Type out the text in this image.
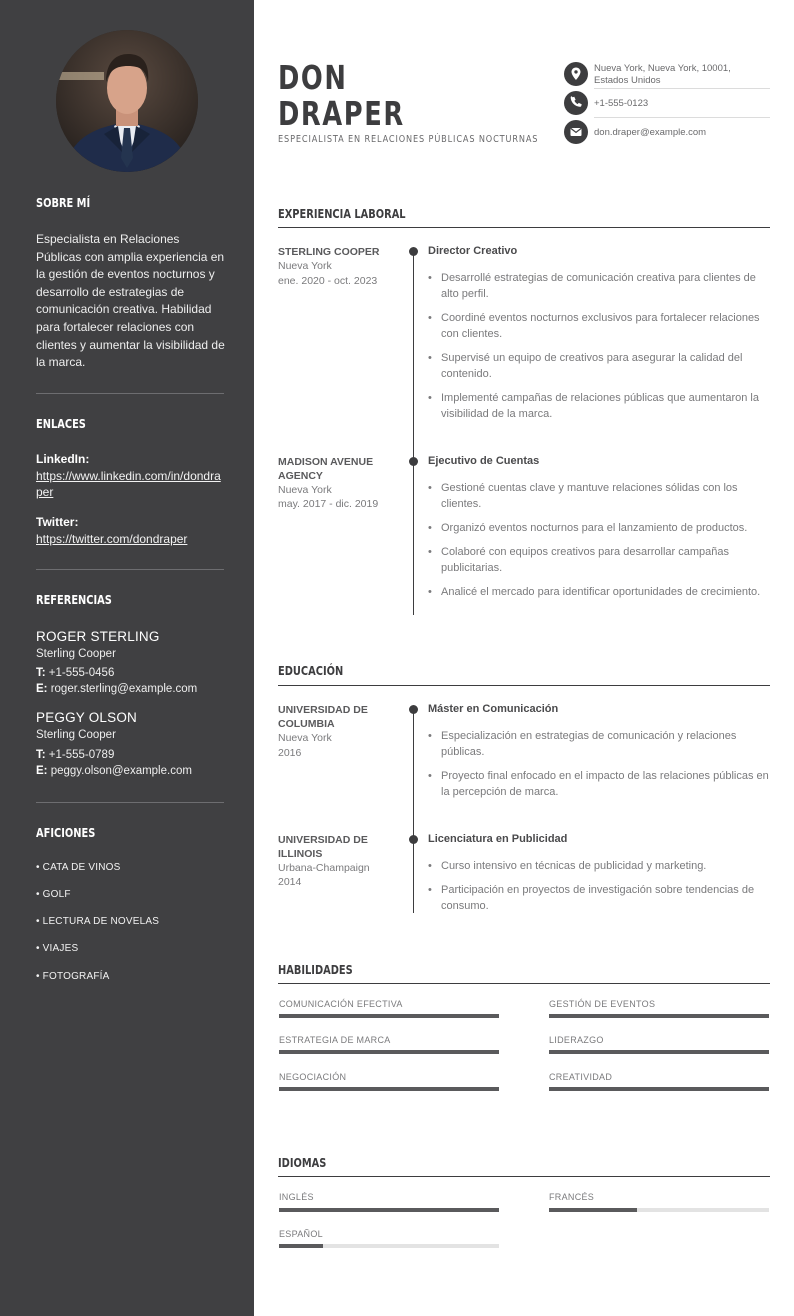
SOBRE MÍ
Especialista en Relaciones Públicas con amplia experiencia en la gestión de eventos nocturnos y desarrollo de estrategias de comunicación creativa. Habilidad para fortalecer relaciones con clientes y aumentar la visibilidad de la marca.
ENLACES
LinkedIn:
https://www.linkedin.com/in/dondraper
Twitter:
https://twitter.com/dondraper
REFERENCIAS
ROGER STERLING
Sterling Cooper
T: +1-555-0456
E: roger.sterling@example.com
PEGGY OLSON
Sterling Cooper
T: +1-555-0789
E: peggy.olson@example.com
AFICIONES
• CATA DE VINOS
• GOLF
• LECTURA DE NOVELAS
• VIAJES
• FOTOGRAFÍA
DON
DRAPER
ESPECIALISTA EN RELACIONES PÚBLICAS NOCTURNAS
Nueva York, Nueva York, 10001,
Estados Unidos
+1-555-0123
don.draper@example.com
EXPERIENCIA LABORAL
STERLING COOPER
Nueva York
ene. 2020 - oct. 2023
Director Creativo
• Desarrollé estrategias de comunicación creativa para clientes de alto perfil.
• Coordiné eventos nocturnos exclusivos para fortalecer relaciones con clientes.
• Supervisé un equipo de creativos para asegurar la calidad del contenido.
• Implementé campañas de relaciones públicas que aumentaron la visibilidad de la marca.
MADISON AVENUE AGENCY
Nueva York
may. 2017 - dic. 2019
Ejecutivo de Cuentas
• Gestioné cuentas clave y mantuve relaciones sólidas con los clientes.
• Organizó eventos nocturnos para el lanzamiento de productos.
• Colaboré con equipos creativos para desarrollar campañas publicitarias.
• Analicé el mercado para identificar oportunidades de crecimiento.
EDUCACIÓN
UNIVERSIDAD DE COLUMBIA
Nueva York
2016
Máster en Comunicación
• Especialización en estrategias de comunicación y relaciones públicas.
• Proyecto final enfocado en el impacto de las relaciones públicas en la percepción de marca.
UNIVERSIDAD DE ILLINOIS
Urbana-Champaign
2014
Licenciatura en Publicidad
• Curso intensivo en técnicas de publicidad y marketing.
• Participación en proyectos de investigación sobre tendencias de consumo.
HABILIDADES
COMUNICACIÓN EFECTIVA	GESTIÓN DE EVENTOS
ESTRATEGIA DE MARCA	LIDERAZGO
NEGOCIACIÓN	CREATIVIDAD
IDIOMAS
INGLÉS	FRANCÉS
ESPAÑOL
